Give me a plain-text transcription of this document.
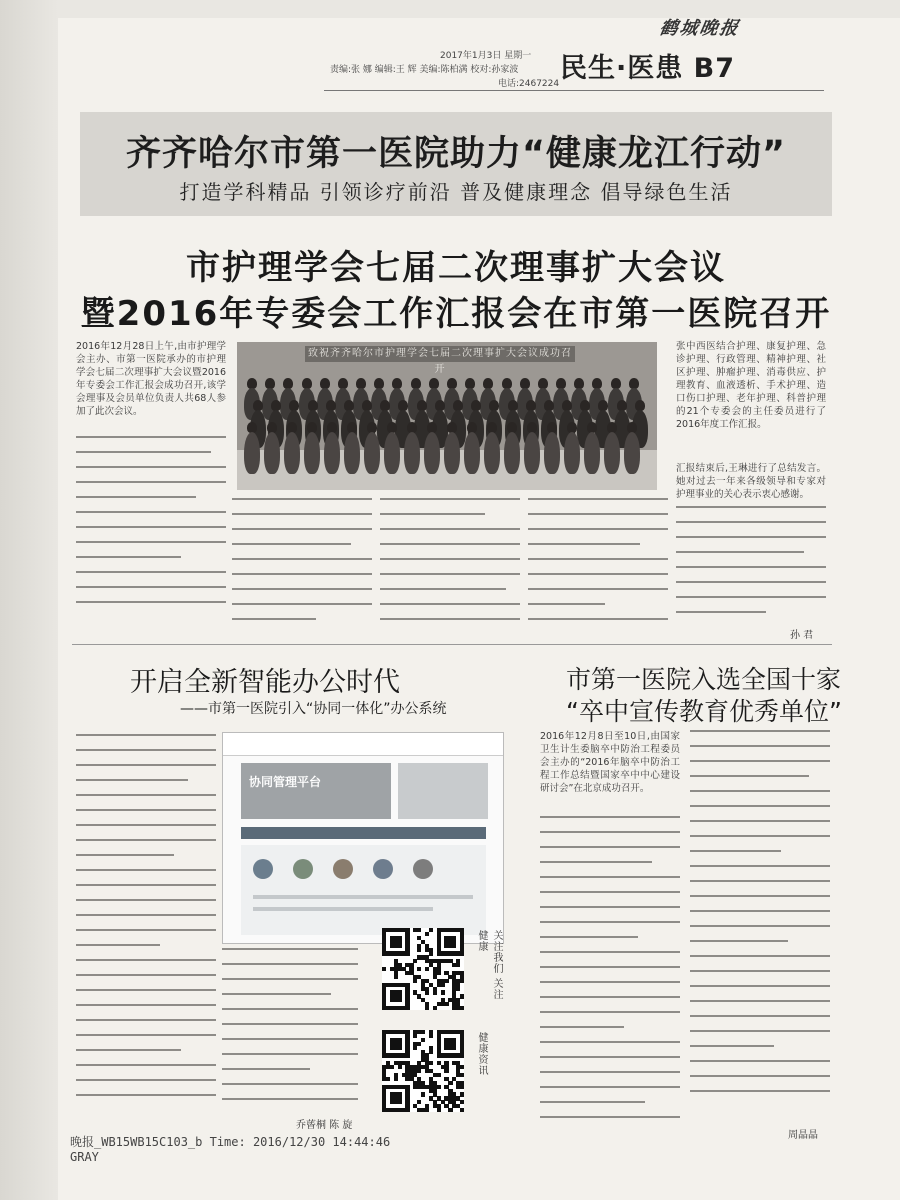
鹤城晚报
2017年1月3日 星期一
责编:张 娜 编辑:王 辉 美编:陈柏满 校对:孙家波
电话:2467224 民生·医患 B7
齐齐哈尔市第一医院助力“健康龙江行动”
打造学科精品 引领诊疗前沿 普及健康理念 倡导绿色生活
市护理学会七届二次理事扩大会议
暨2016年专委会工作汇报会在市第一医院召开
2016年12月28日上午,由市护理学会主办、市第一医院承办的市护理学会七届二次理事扩大会议暨2016年专委会工作汇报会成功召开,该学会理事及会员单位负责人共68人参加了此次会议。
致祝齐齐哈尔市护理学会七届二次理事扩大会议成功召开
张中西医结合护理、康复护理、急诊护理、行政管理、精神护理、社区护理、肿瘤护理、消毒供应、护理教育、血液透析、手术护理、造口伤口护理、老年护理、科普护理的21个专委会的主任委员进行了2016年度工作汇报。
汇报结束后,王琳进行了总结发言。她对过去一年来各级领导和专家对护理事业的关心表示衷心感谢。
孙 君
开启全新智能办公时代
——市第一医院引入“协同一体化”办公系统
协同管理平台
关注我们 关注健康
健康资讯
乔蒈桐 陈 旋
市第一医院入选全国十家
“卒中宣传教育优秀单位”
2016年12月8日至10日,由国家卫生计生委脑卒中防治工程委员会主办的“2016年脑卒中防治工程工作总结暨国家卒中中心建设研讨会”在北京成功召开。
周晶晶
晚报_WB15WB15C103_b Time: 2016/12/30 14:44:46
GRAY
